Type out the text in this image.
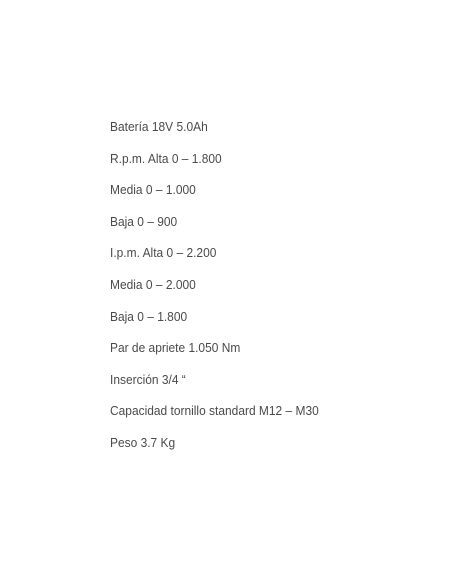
Batería 18V 5.0Ah

R.p.m. Alta 0 – 1.800

Media 0 – 1.000

Baja 0 – 900

I.p.m. Alta 0 – 2.200

Media 0 – 2.000

Baja 0 – 1.800

Par de apriete 1.050 Nm

Inserción 3/4 “

Capacidad tornillo standard M12 – M30

Peso 3.7 Kg
